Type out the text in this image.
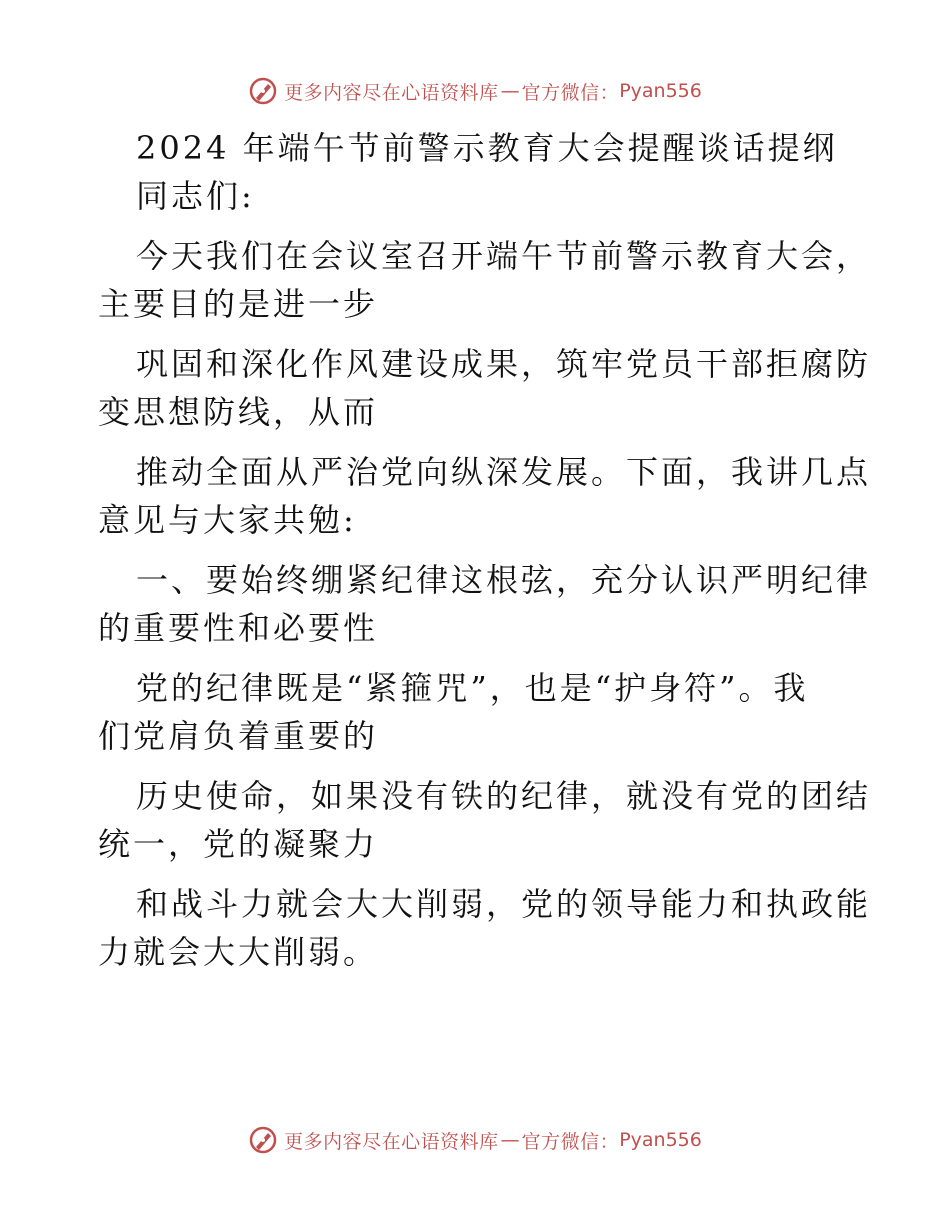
更多内容尽在心语资料库 — 官方微信： Pyan556
2024 年端午节前警示教育大会提醒谈话提纲
同志们:
今天我们在会议室召开端午节前警示教育大会，
主要目的是进一步
巩固和深化作风建设成果，筑牢党员干部拒腐防
变思想防线，从而
推动全面从严治党向纵深发展。下面，我讲几点
意见与大家共勉:
一、要始终绷紧纪律这根弦，充分认识严明纪律
的重要性和必要性
党的纪律既是“紧箍咒”，也是“护身符”。我
们党肩负着重要的
历史使命，如果没有铁的纪律，就没有党的团结
统一，党的凝聚力
和战斗力就会大大削弱，党的领导能力和执政能
力就会大大削弱。
更多内容尽在心语资料库 — 官方微信： Pyan556
